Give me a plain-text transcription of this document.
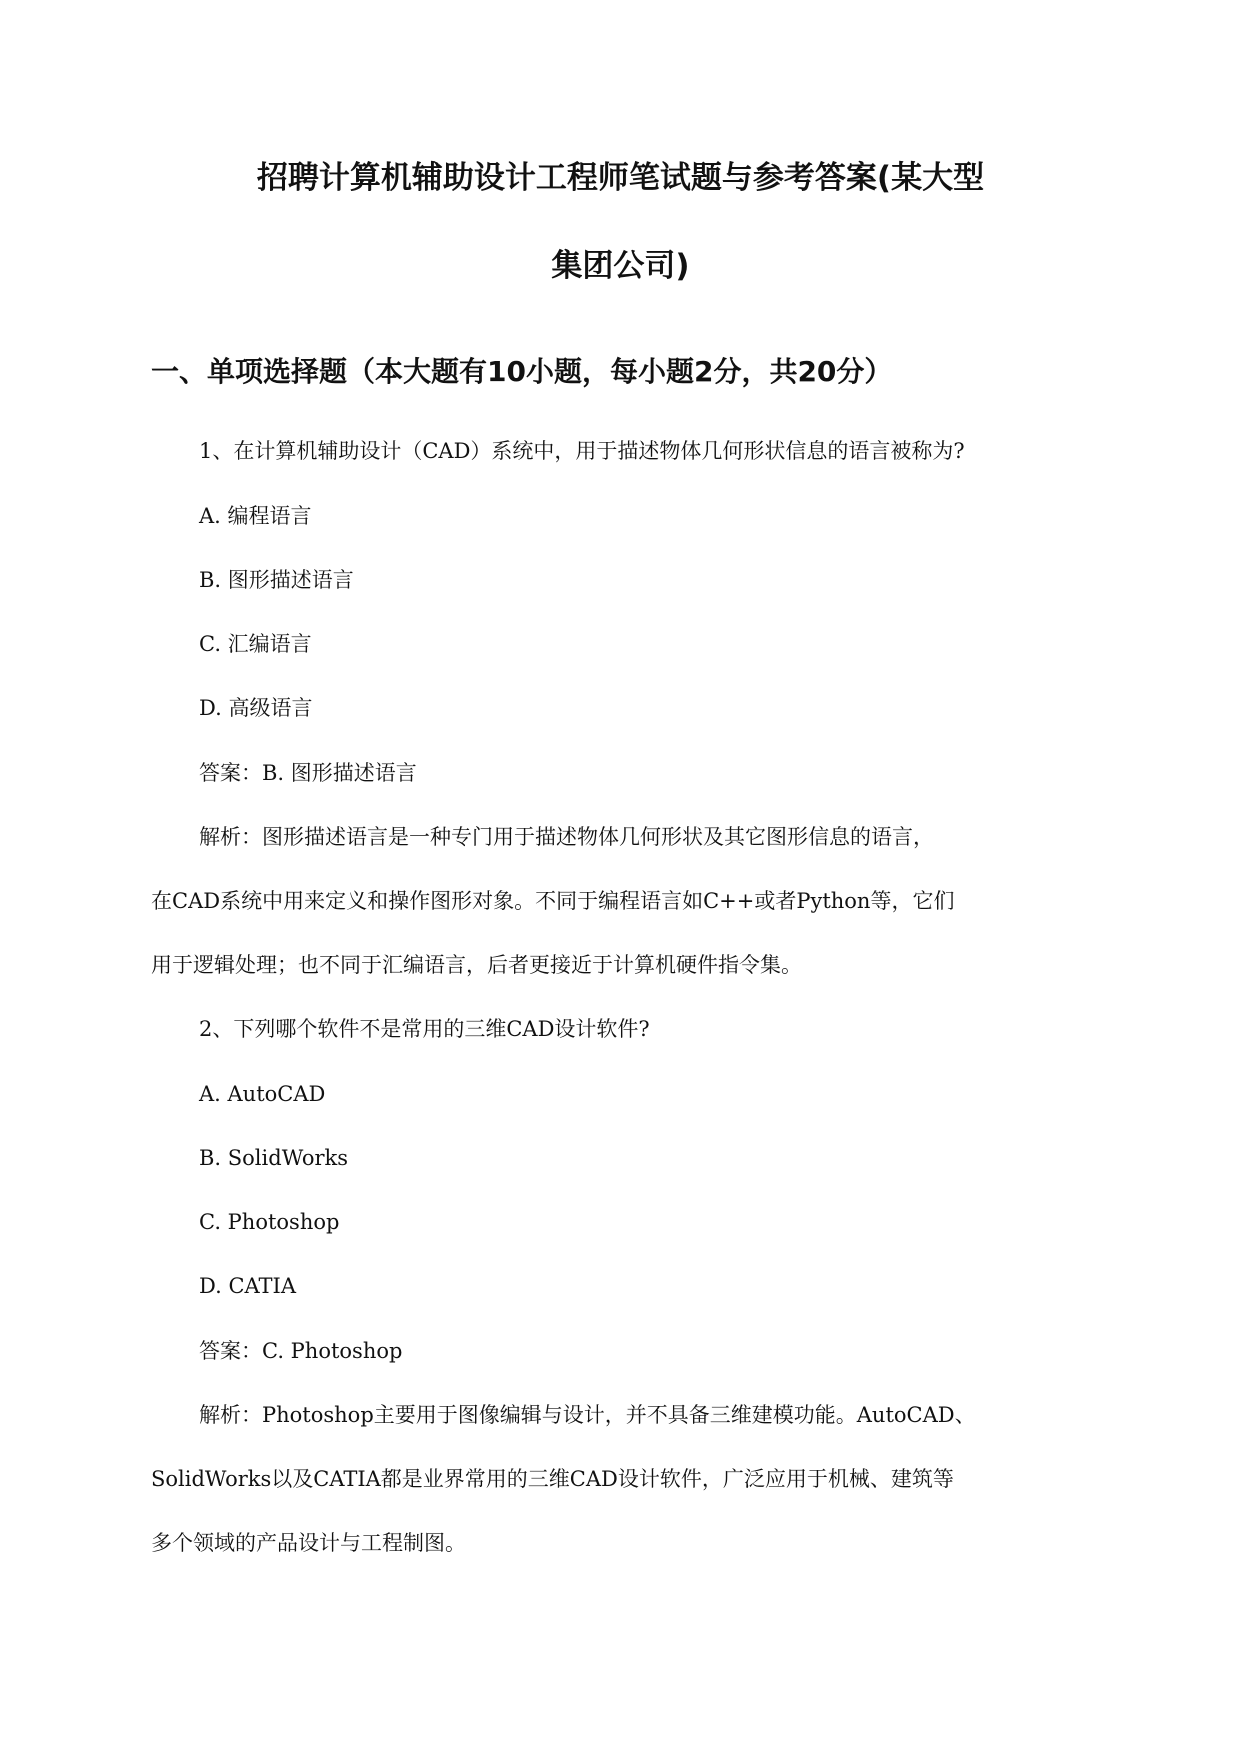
招聘计算机辅助设计工程师笔试题与参考答案(某大型
集团公司)
一、单项选择题（本大题有10小题，每小题2分，共20分）
1、在计算机辅助设计（CAD）系统中，用于描述物体几何形状信息的语言被称为?
A. 编程语言
B. 图形描述语言
C. 汇编语言
D. 高级语言
答案：B. 图形描述语言
解析：图形描述语言是一种专门用于描述物体几何形状及其它图形信息的语言，
在CAD系统中用来定义和操作图形对象。不同于编程语言如C++或者Python等，它们
用于逻辑处理；也不同于汇编语言，后者更接近于计算机硬件指令集。
2、下列哪个软件不是常用的三维CAD设计软件?
A. AutoCAD
B. SolidWorks
C. Photoshop
D. CATIA
答案：C. Photoshop
解析：Photoshop主要用于图像编辑与设计，并不具备三维建模功能。AutoCAD、
SolidWorks以及CATIA都是业界常用的三维CAD设计软件，广泛应用于机械、建筑等
多个领域的产品设计与工程制图。
